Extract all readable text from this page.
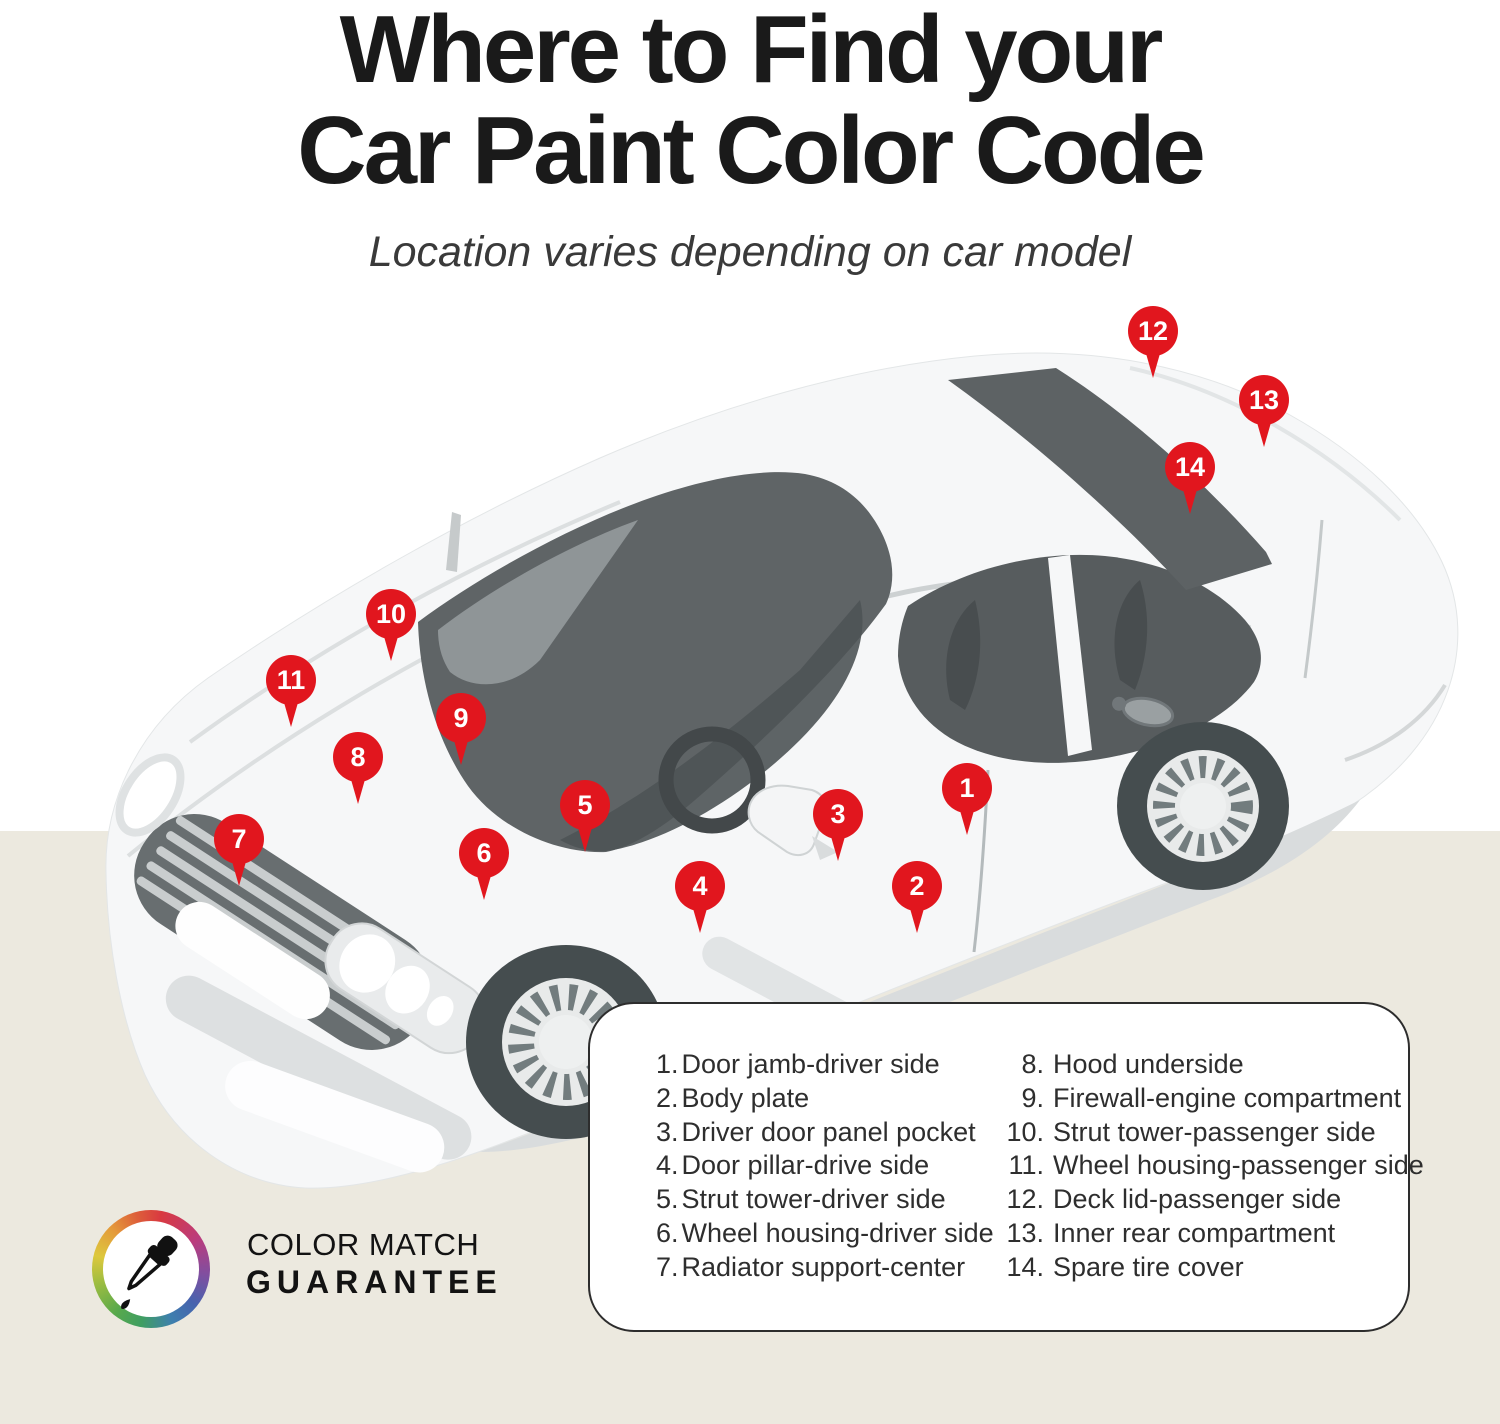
Where to Find your
Car Paint Color Code
Location varies depending on car model
1. Door jamb-driver side
2. Body plate
3. Driver door panel pocket
4. Door pillar-drive side
5. Strut tower-driver side
6. Wheel housing-driver side
7. Radiator support-center
8. Hood underside
9. Firewall-engine compartment
10. Strut tower-passenger side
11. Wheel housing-passenger side
12. Deck lid-passenger side
13. Inner rear compartment
14. Spare tire cover
1
2
3
4
5
6
7
8
9
10
11
12
13
14
COLOR MATCH
GUARANTEE
